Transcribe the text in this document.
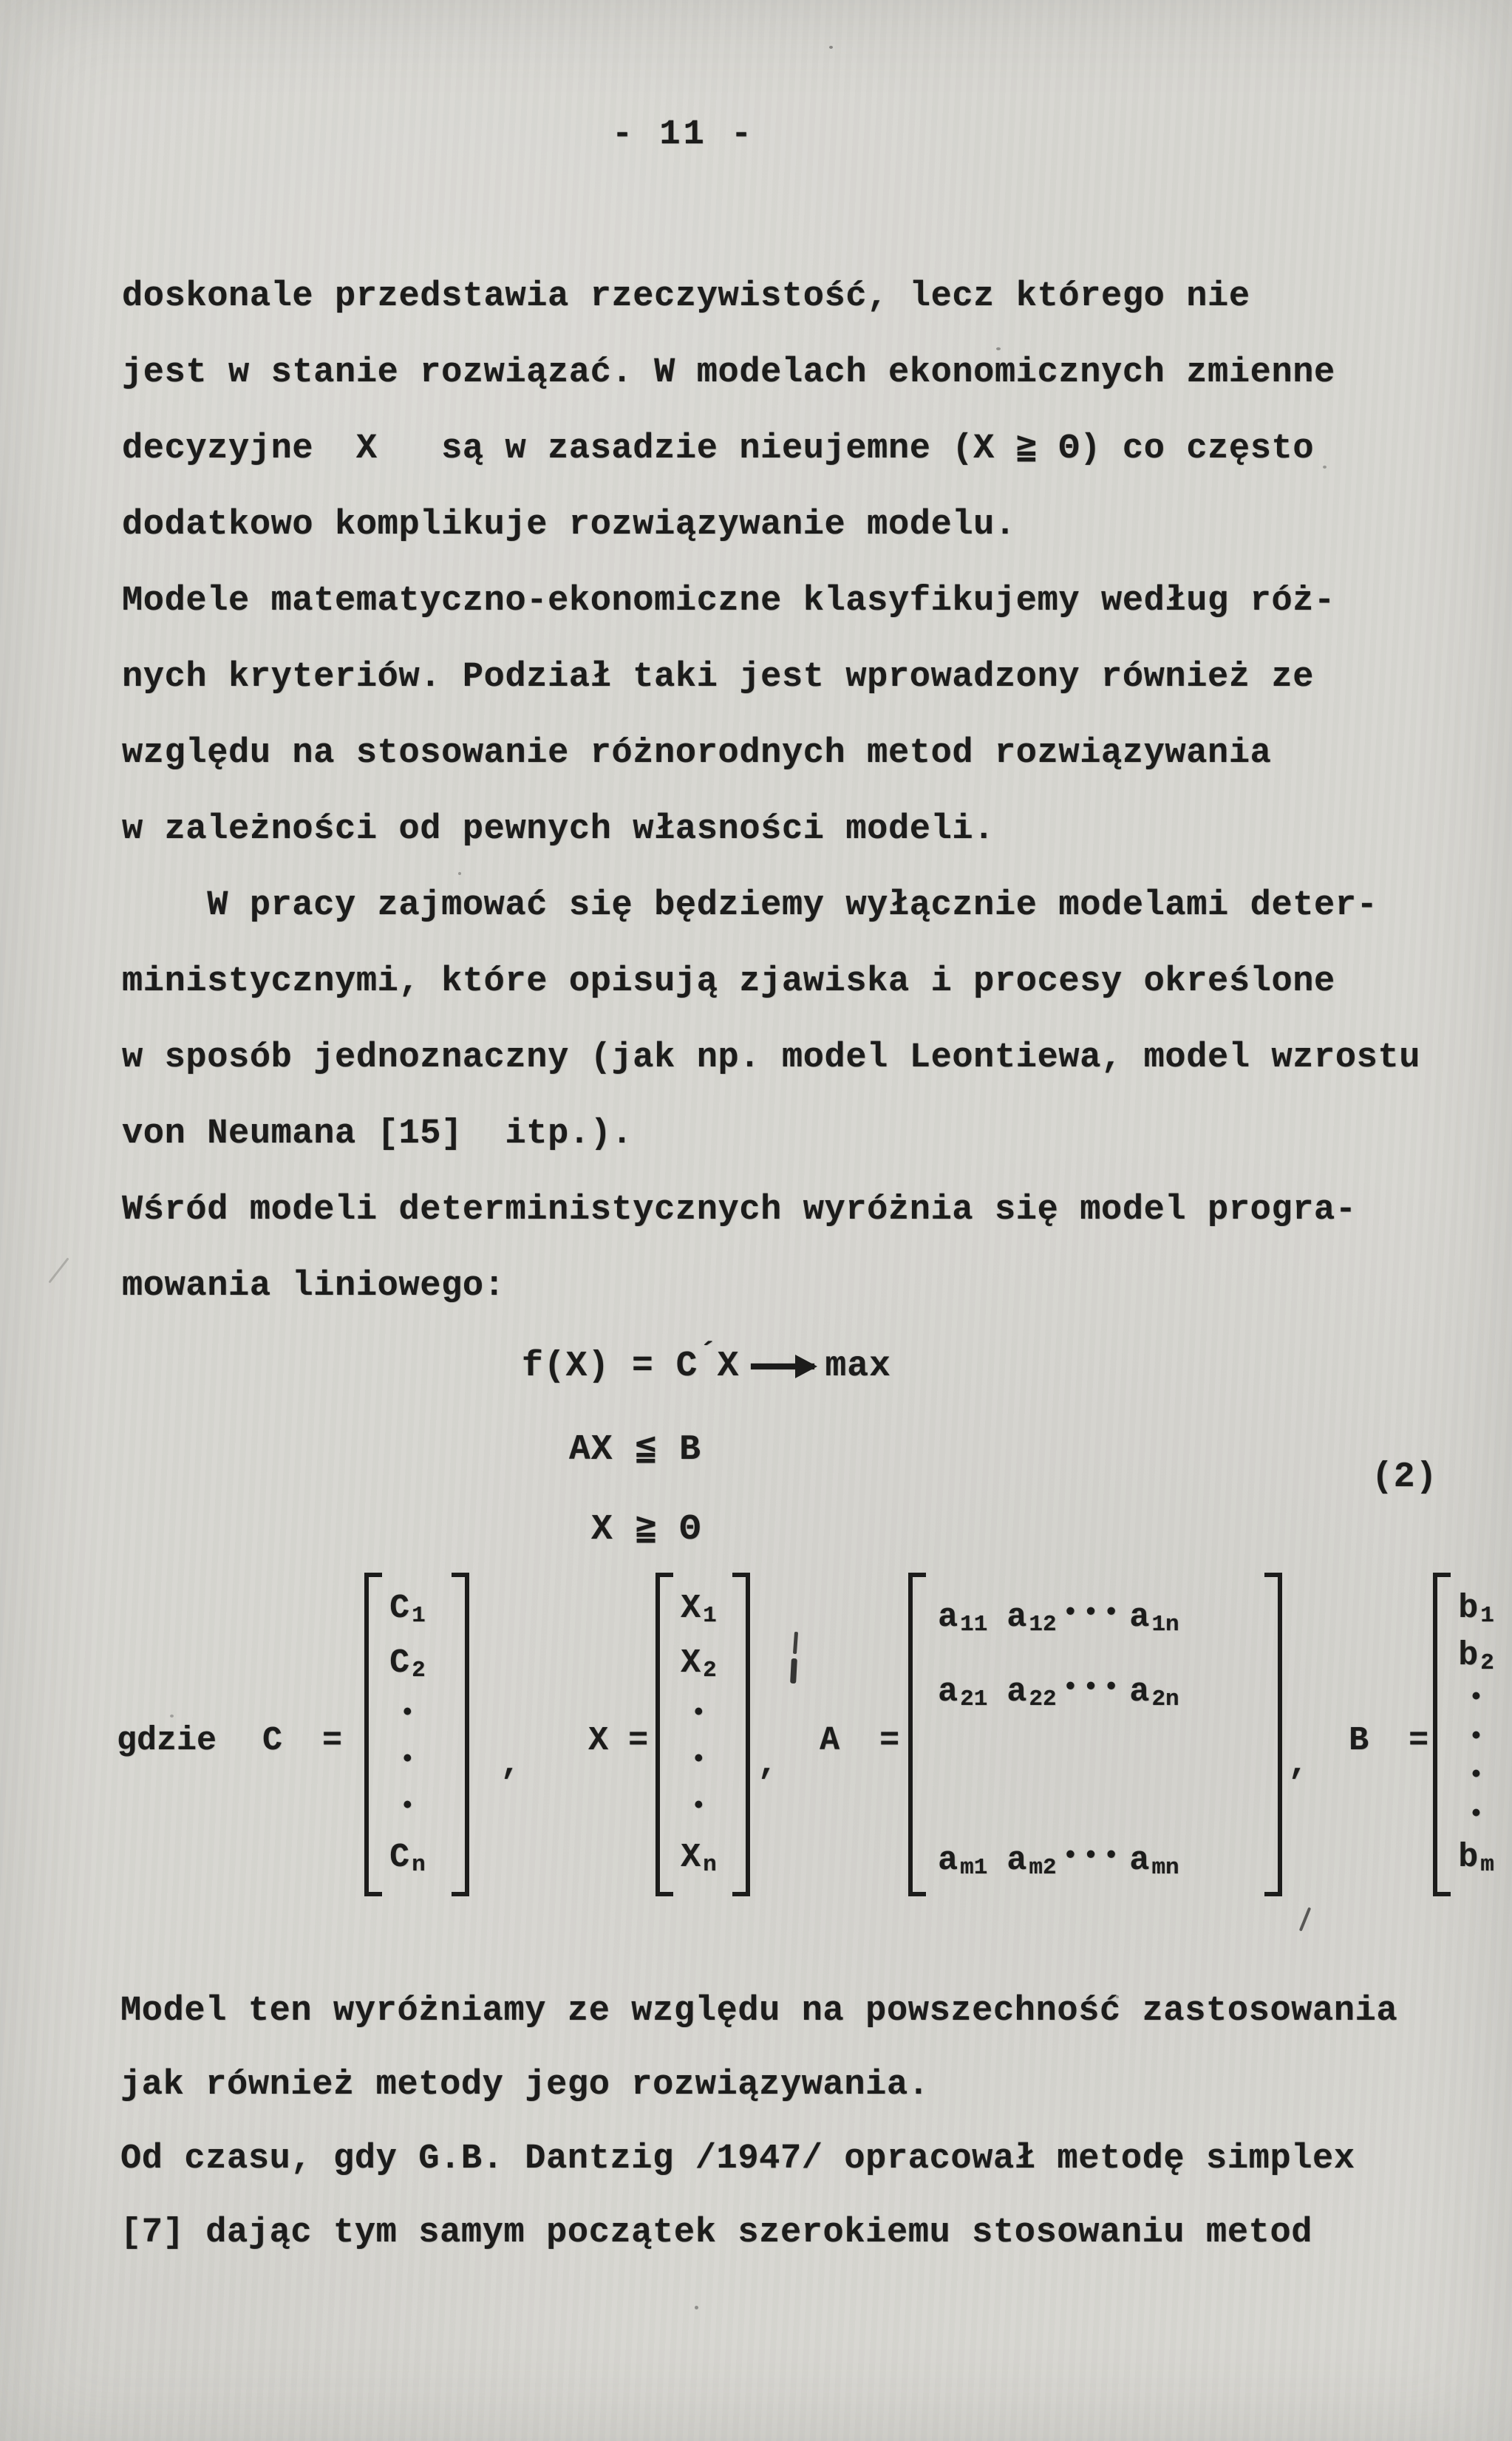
- 11 -
doskonale przedstawia rzeczywistość, lecz którego nie
jest w stanie rozwiązać. W modelach ekonomicznych zmienne
decyzyjne  X   są w zasadzie nieujemne (X ≧ Θ) co często
dodatkowo komplikuje rozwiązywanie modelu.
Modele matematyczno-ekonomiczne klasyfikujemy według róż-
nych kryteriów. Podział taki jest wprowadzony również ze
względu na stosowanie różnorodnych metod rozwiązywania
w zależności od pewnych własności modeli.
W pracy zajmować się będziemy wyłącznie modelami deter-
ministycznymi, które opisują zjawiska i procesy określone
w sposób jednoznaczny (jak np. model Leontiewa, model wzrostu
von Neumana [15]  itp.).
Wśród modeli deterministycznych wyróżnia się model progra-
mowania liniowego:
f(X) = C ´ X max
AX ≦ B
X ≧ Θ
(2)
gdzie C  =
C 1
C 2
•
•
•
C n
,
X =
X 1
X 2
•
•
•
X n
,
A  =
a 11 a 12 ••• a 1n
a 21 a 22 ••• a 2n
a m1 a m2 ••• a mn
,
B  =
b 1
b 2
•
•
•
•
b m
Model ten wyróżniamy ze względu na powszechność zastosowania
jak również metody jego rozwiązywania.
Od czasu, gdy G.B. Dantzig /1947/ opracował metodę simplex
[7] dając tym samym początek szerokiemu stosowaniu metod
